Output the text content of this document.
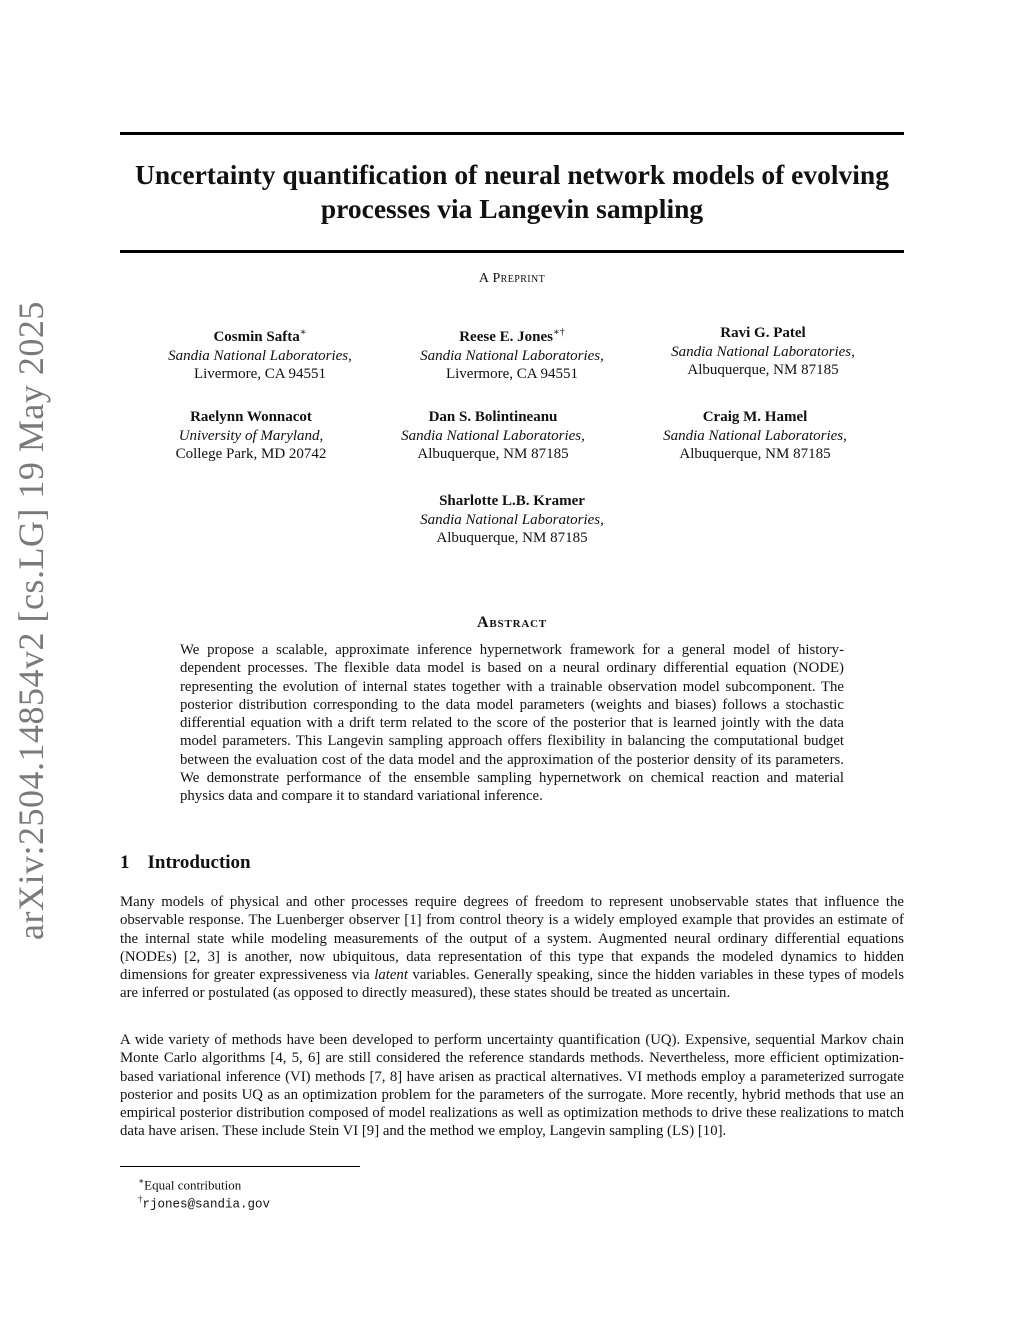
arXiv:2504.14854v2 [cs.LG] 19 May 2025
Uncertainty quantification of neural network models of evolving processes via Langevin sampling
A Preprint
Cosmin Safta∗
Sandia National Laboratories,
Livermore, CA 94551
Reese E. Jones∗†
Sandia National Laboratories,
Livermore, CA 94551
Ravi G. Patel
Sandia National Laboratories,
Albuquerque, NM 87185
Raelynn Wonnacot
University of Maryland,
College Park, MD 20742
Dan S. Bolintineanu
Sandia National Laboratories,
Albuquerque, NM 87185
Craig M. Hamel
Sandia National Laboratories,
Albuquerque, NM 87185
Sharlotte L.B. Kramer
Sandia National Laboratories,
Albuquerque, NM 87185
Abstract

We propose a scalable, approximate inference hypernetwork framework for a general model of history-dependent processes. The flexible data model is based on a neural ordinary differential equation (NODE) representing the evolution of internal states together with a trainable observation model subcomponent. The posterior distribution corresponding to the data model parameters (weights and biases) follows a stochastic differential equation with a drift term related to the score of the posterior that is learned jointly with the data model parameters. This Langevin sampling approach offers flexibility in balancing the computational budget between the evaluation cost of the data model and the approximation of the posterior density of its parameters. We demonstrate performance of the ensemble sampling hypernetwork on chemical reaction and material physics data and compare it to standard variational inference.

1 Introduction

Many models of physical and other processes require degrees of freedom to represent unobservable states that influence the observable response. The Luenberger observer [1] from control theory is a widely employed example that provides an estimate of the internal state while modeling measurements of the output of a system. Augmented neural ordinary differential equations (NODEs) [2, 3] is another, now ubiquitous, data representation of this type that expands the modeled dynamics to hidden dimensions for greater expressiveness via latent variables. Generally speaking, since the hidden variables in these types of models are inferred or postulated (as opposed to directly measured), these states should be treated as uncertain.

A wide variety of methods have been developed to perform uncertainty quantification (UQ). Expensive, sequential Markov chain Monte Carlo algorithms [4, 5, 6] are still considered the reference standards methods. Nevertheless, more efficient optimization-based variational inference (VI) methods [7, 8] have arisen as practical alternatives. VI methods employ a parameterized surrogate posterior and posits UQ as an optimization problem for the parameters of the surrogate. More recently, hybrid methods that use an empirical posterior distribution composed of model realizations as well as optimization methods to drive these realizations to match data have arisen. These include Stein VI [9] and the method we employ, Langevin sampling (LS) [10].

∗Equal contribution
†rjones@sandia.gov
